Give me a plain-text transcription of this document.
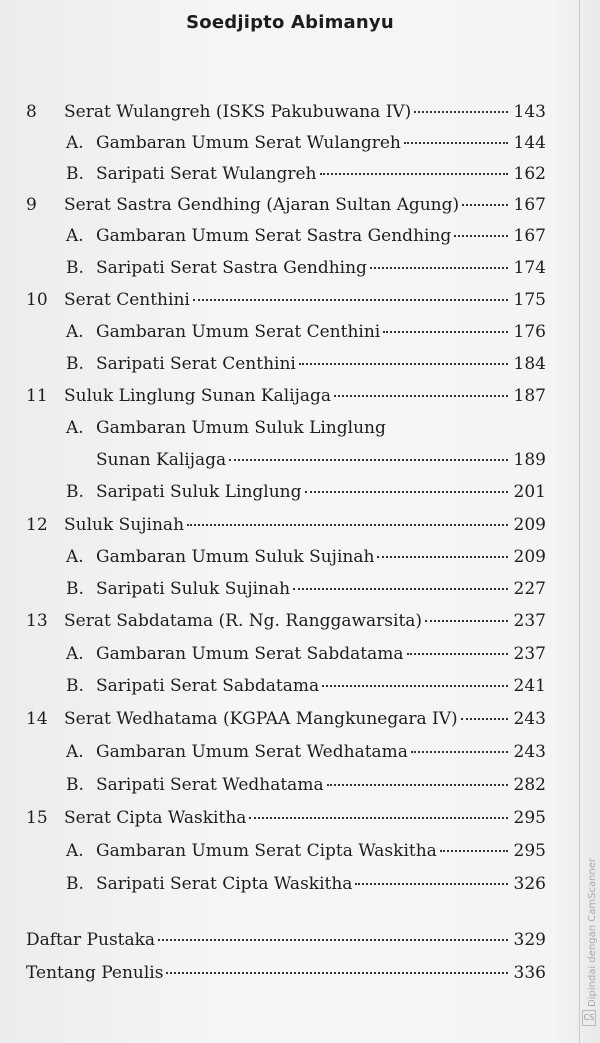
Soedjipto Abimanyu
8	Serat Wulangreh (ISKS Pakubuwana IV)	143
A. Gambaran Umum Serat Wulangreh	144
B. Saripati Serat Wulangreh	162
9	Serat Sastra Gendhing (Ajaran Sultan Agung)	167
A. Gambaran Umum Serat Sastra Gendhing	167
B. Saripati Serat Sastra Gendhing	174
10 Serat Centhini	175
A. Gambaran Umum Serat Centhini	176
B. Saripati Serat Centhini	184
11 Suluk Linglung Sunan Kalijaga	187
A. Gambaran Umum Suluk Linglung
Sunan Kalijaga	189
B. Saripati Suluk Linglung	201
12 Suluk Sujinah	209
A. Gambaran Umum Suluk Sujinah	209
B. Saripati Suluk Sujinah	227
13 Serat Sabdatama (R. Ng. Ranggawarsita)	237
A. Gambaran Umum Serat Sabdatama	237
B. Saripati Serat Sabdatama	241
14 Serat Wedhatama (KGPAA Mangkunegara IV)	243
A. Gambaran Umum Serat Wedhatama	243
B. Saripati Serat Wedhatama	282
15 Serat Cipta Waskitha	295
A. Gambaran Umum Serat Cipta Waskitha	295
B. Saripati Serat Cipta Waskitha	326
Daftar Pustaka	329
Tentang Penulis	336	Dipindai dengan CamScanner
CS
